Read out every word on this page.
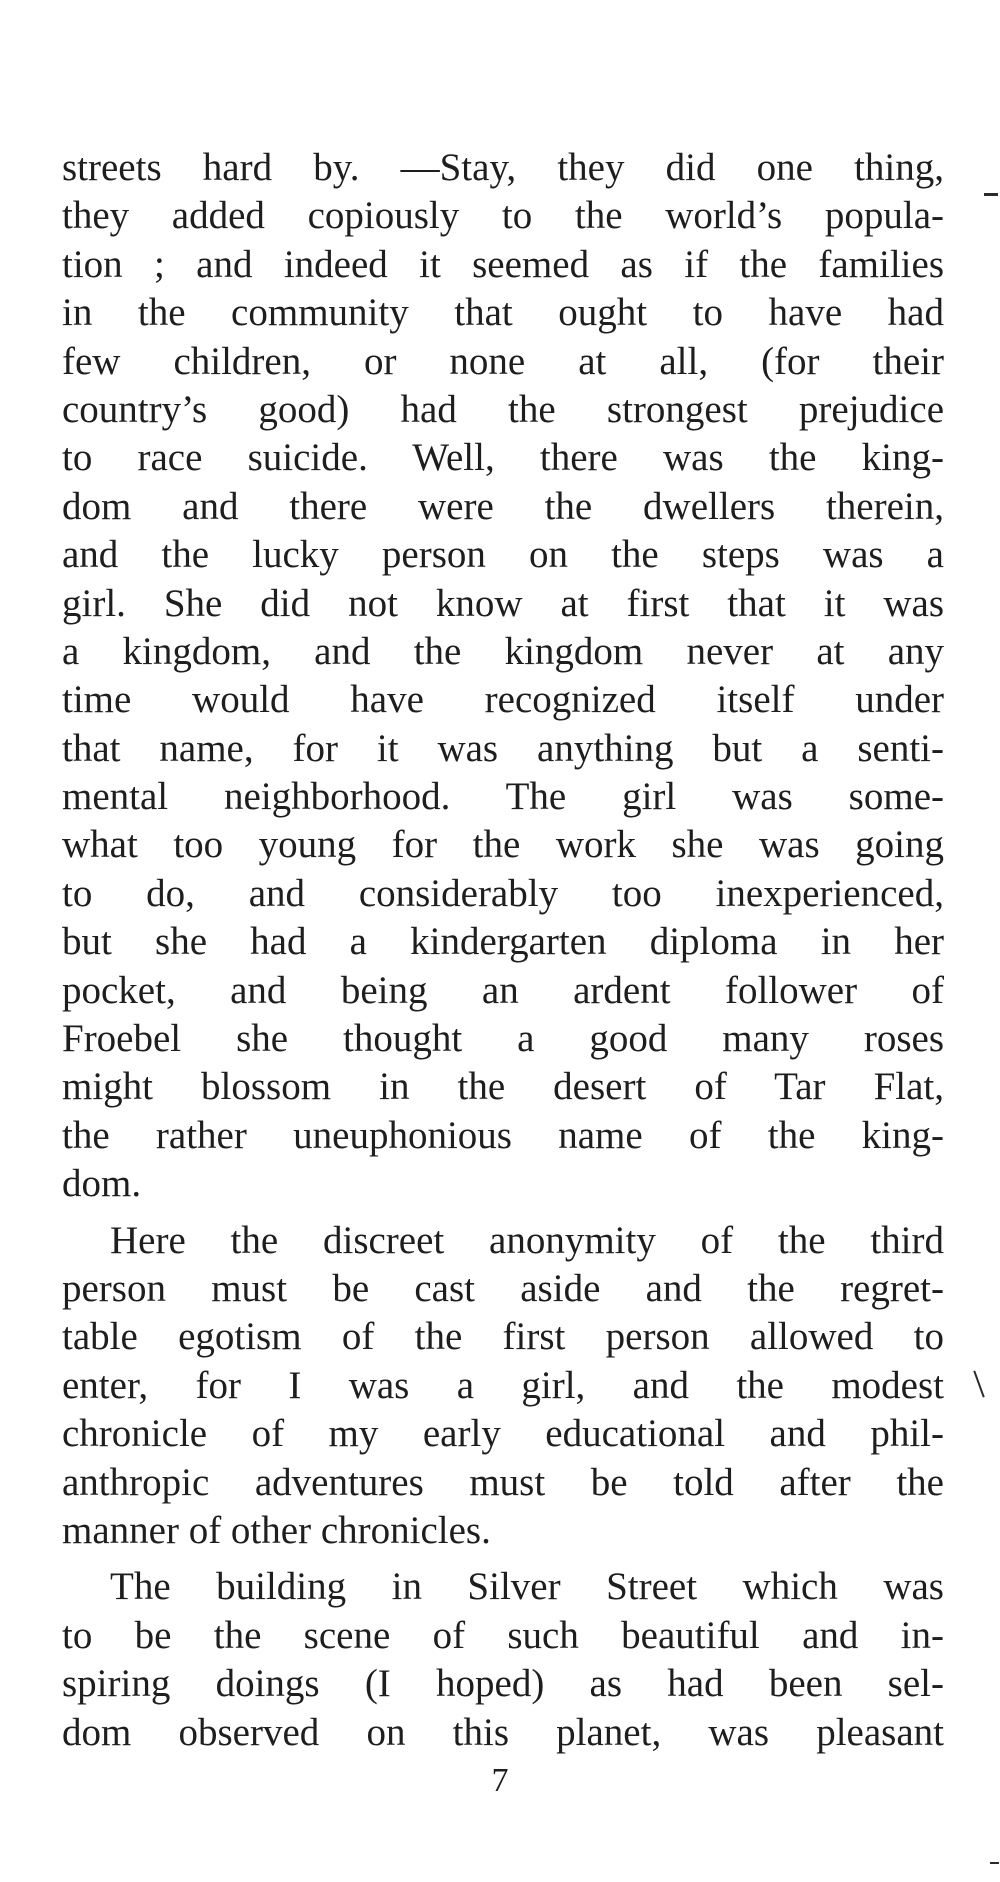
streets hard by. —Stay, they did one thing,
they added copiously to the world’s popula-
tion ; and indeed it seemed as if the families
in the community that ought to have had
few children, or none at all, (for their
country’s good) had the strongest prejudice
to race suicide. Well, there was the king-
dom and there were the dwellers therein,
and the lucky person on the steps was a
girl. She did not know at first that it was
a kingdom, and the kingdom never at any
time would have recognized itself under
that name, for it was anything but a senti-
mental neighborhood. The girl was some-
what too young for the work she was going
to do, and considerably too inexperienced,
but she had a kindergarten diploma in her
pocket, and being an ardent follower of
Froebel she thought a good many roses
might blossom in the desert of Tar Flat,
the rather uneuphonious name of the king-
dom.
Here the discreet anonymity of the third
person must be cast aside and the regret-
table egotism of the first person allowed to
enter, for I was a girl, and the modest
chronicle of my early educational and phil-
anthropic adventures must be told after the
manner of other chronicles.
The building in Silver Street which was
to be the scene of such beautiful and in-
spiring doings (I hoped) as had been sel-
dom observed on this planet, was pleasant
7
